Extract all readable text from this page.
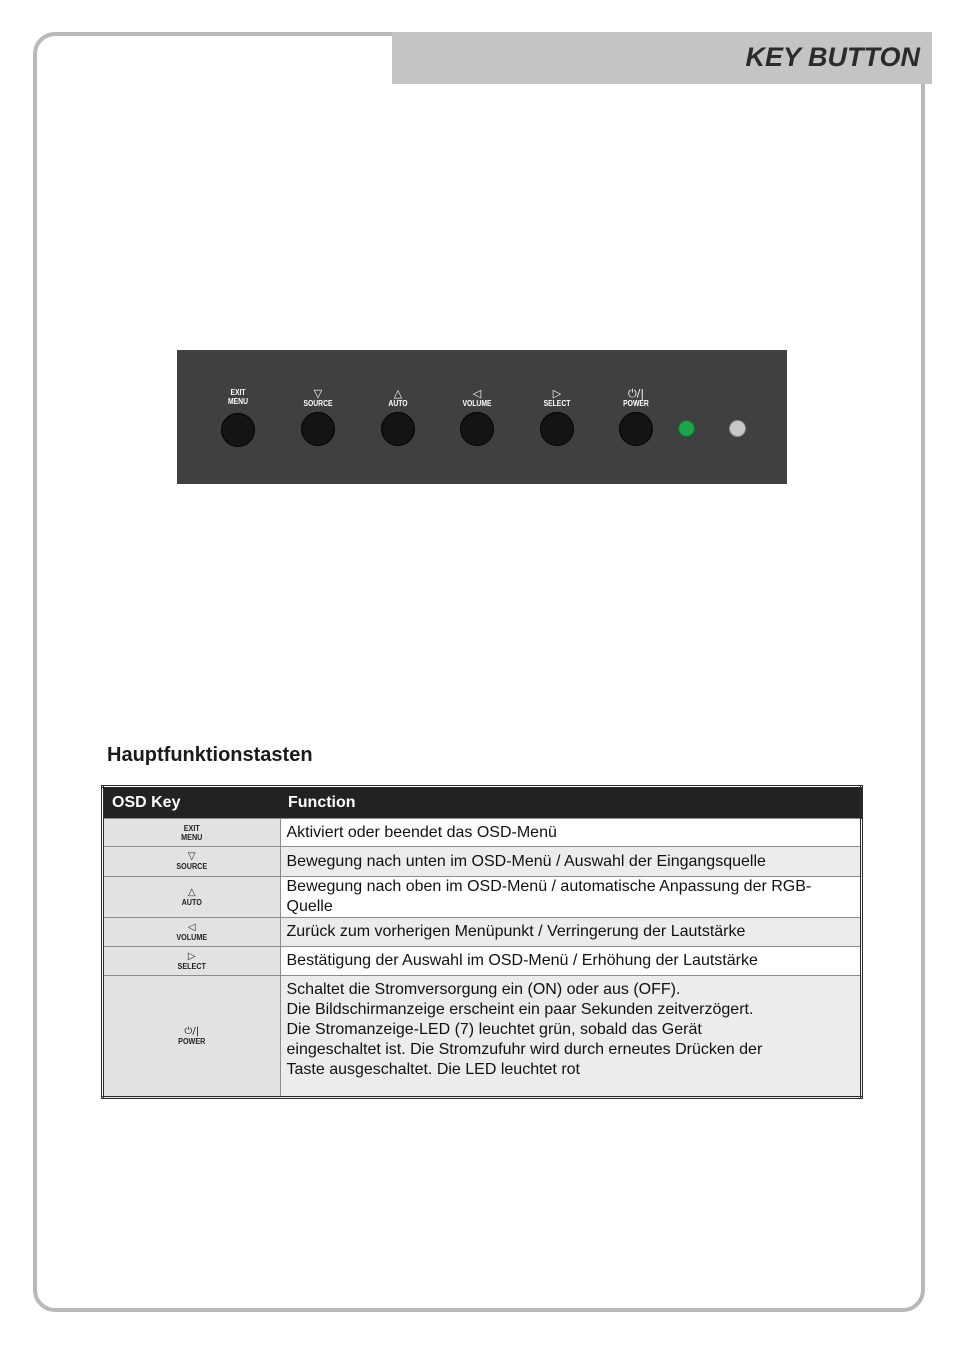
KEY BUTTON
EXIT
MENU
▽
SOURCE
△
AUTO
◁
VOLUME
▷
SELECT
⏻/|
POWER
Hauptfunktionstasten
OSD Key	Function

EXIT
MENU	Aktiviert oder beendet das OSD-Menü

▽
SOURCE	Bewegung nach unten im OSD-Menü / Auswahl der Eingangsquelle

△
AUTO	Bewegung nach oben im OSD-Menü / automatische Anpassung der RGB-Quelle

◁
VOLUME	Zurück zum vorherigen Menüpunkt / Verringerung der Lautstärke

▷
SELECT	Bestätigung der Auswahl im OSD-Menü / Erhöhung der Lautstärke

⏻/|
POWER	Schaltet die Stromversorgung ein (ON) oder aus (OFF).
Die Bildschirmanzeige erscheint ein paar Sekunden zeitverzögert.
Die Stromanzeige-LED (7) leuchtet grün, sobald das Gerät
eingeschaltet ist. Die Stromzufuhr wird durch erneutes Drücken der
Taste ausgeschaltet. Die LED leuchtet rot
